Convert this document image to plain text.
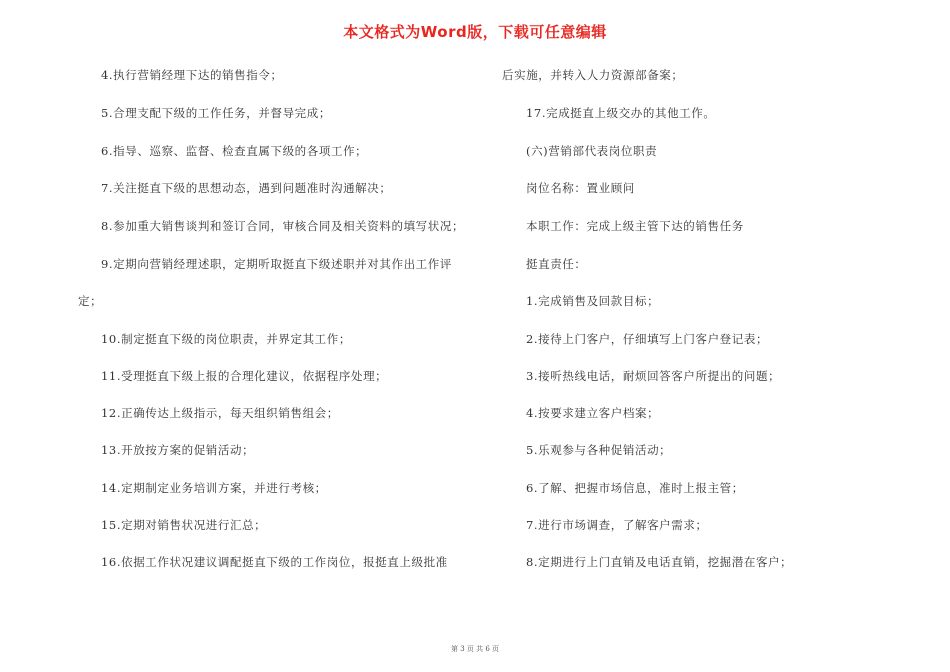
本文格式为Word版，下载可任意编辑
4.执行营销经理下达的销售指令；
5.合理支配下级的工作任务，并督导完成；
6.指导、巡察、监督、检查直属下级的各项工作；
7.关注挺直下级的思想动态，遇到问题准时沟通解决；
8.参加重大销售谈判和签订合同，审核合同及相关资料的填写状况；
9.定期向营销经理述职，定期听取挺直下级述职并对其作出工作评
定；
10.制定挺直下级的岗位职责，并界定其工作；
11.受理挺直下级上报的合理化建议，依据程序处理；
12.正确传达上级指示，每天组织销售组会；
13.开放按方案的促销活动；
14.定期制定业务培训方案，并进行考核；
15.定期对销售状况进行汇总；
16.依据工作状况建议调配挺直下级的工作岗位，报挺直上级批准
后实施，并转入人力资源部备案；
17.完成挺直上级交办的其他工作。
(六)营销部代表岗位职责
岗位名称：置业顾问
本职工作：完成上级主管下达的销售任务
挺直责任：
1.完成销售及回款目标；
2.接待上门客户，仔细填写上门客户登记表；
3.接听热线电话，耐烦回答客户所提出的问题；
4.按要求建立客户档案；
5.乐观参与各种促销活动；
6.了解、把握市场信息，准时上报主管；
7.进行市场调查，了解客户需求；
8.定期进行上门直销及电话直销，挖掘潜在客户；
第 3 页 共 6 页
